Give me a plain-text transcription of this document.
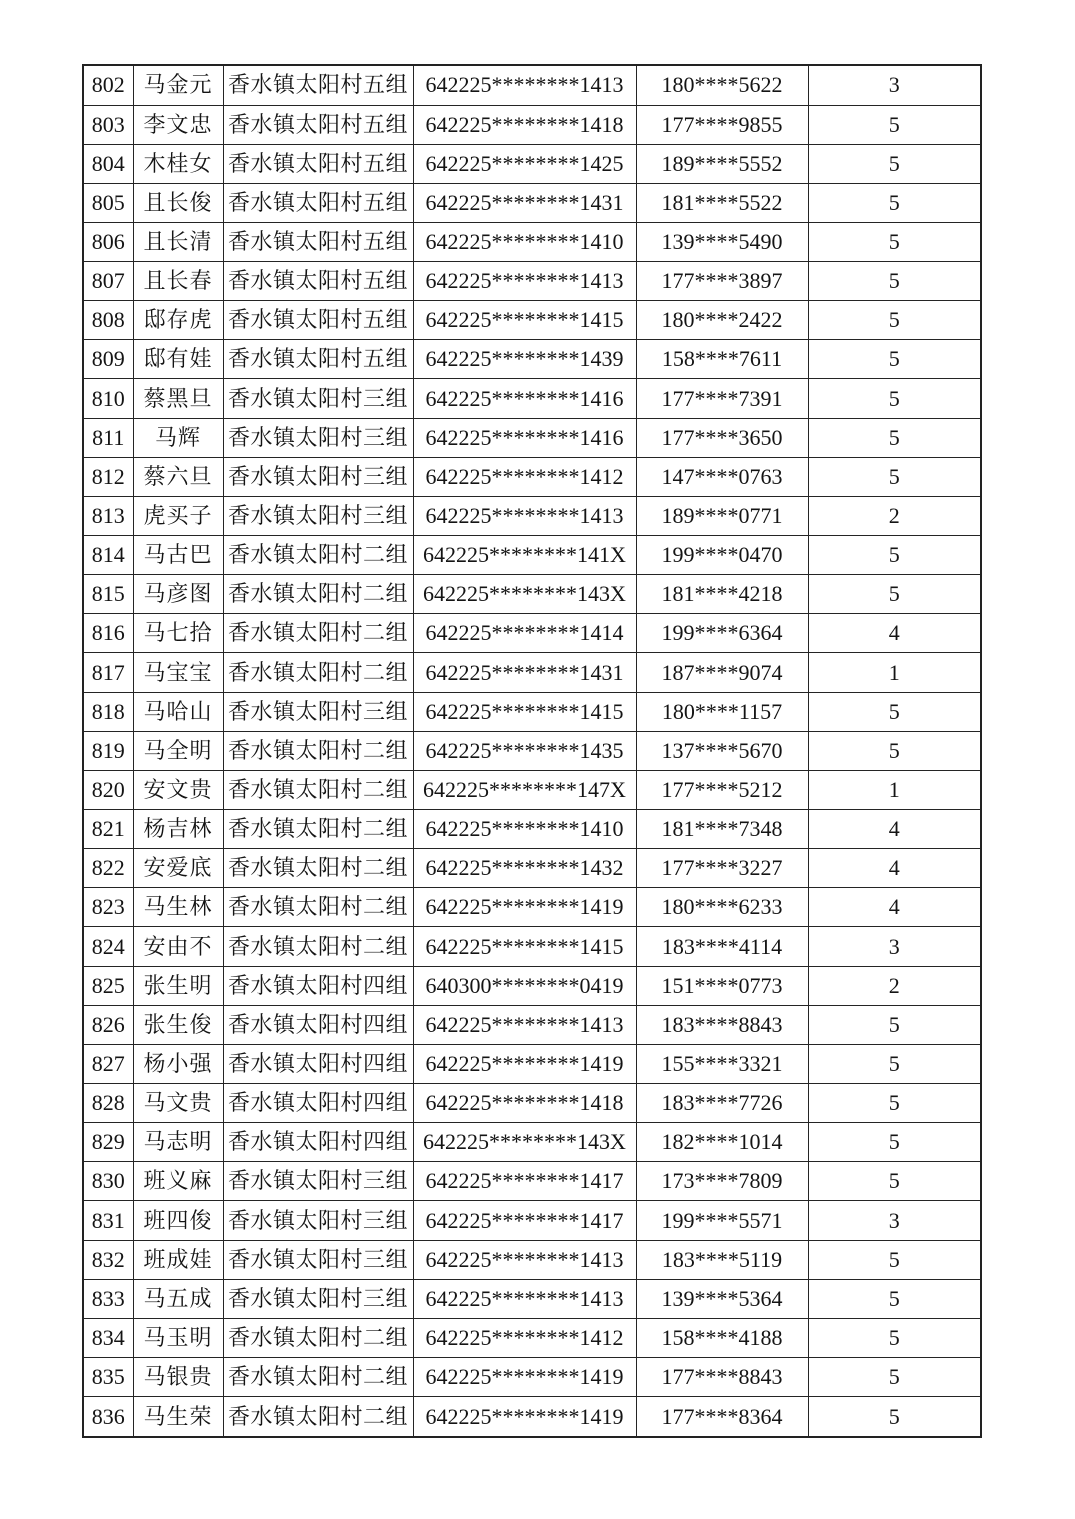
802	马金元	香水镇太阳村五组	642225********1413	180****5622	3
803	李文忠	香水镇太阳村五组	642225********1418	177****9855	5
804	木桂女	香水镇太阳村五组	642225********1425	189****5552	5
805	且长俊	香水镇太阳村五组	642225********1431	181****5522	5
806	且长清	香水镇太阳村五组	642225********1410	139****5490	5
807	且长春	香水镇太阳村五组	642225********1413	177****3897	5
808	邸存虎	香水镇太阳村五组	642225********1415	180****2422	5
809	邸有娃	香水镇太阳村五组	642225********1439	158****7611	5
810	蔡黑旦	香水镇太阳村三组	642225********1416	177****7391	5
811	马辉	香水镇太阳村三组	642225********1416	177****3650	5
812	蔡六旦	香水镇太阳村三组	642225********1412	147****0763	5
813	虎买子	香水镇太阳村三组	642225********1413	189****0771	2
814	马古巴	香水镇太阳村二组	642225********141X	199****0470	5
815	马彦图	香水镇太阳村二组	642225********143X	181****4218	5
816	马七拾	香水镇太阳村二组	642225********1414	199****6364	4
817	马宝宝	香水镇太阳村二组	642225********1431	187****9074	1
818	马哈山	香水镇太阳村三组	642225********1415	180****1157	5
819	马全明	香水镇太阳村二组	642225********1435	137****5670	5
820	安文贵	香水镇太阳村二组	642225********147X	177****5212	1
821	杨吉林	香水镇太阳村二组	642225********1410	181****7348	4
822	安爱底	香水镇太阳村二组	642225********1432	177****3227	4
823	马生林	香水镇太阳村二组	642225********1419	180****6233	4
824	安由不	香水镇太阳村二组	642225********1415	183****4114	3
825	张生明	香水镇太阳村四组	640300********0419	151****0773	2
826	张生俊	香水镇太阳村四组	642225********1413	183****8843	5
827	杨小强	香水镇太阳村四组	642225********1419	155****3321	5
828	马文贵	香水镇太阳村四组	642225********1418	183****7726	5
829	马志明	香水镇太阳村四组	642225********143X	182****1014	5
830	班义麻	香水镇太阳村三组	642225********1417	173****7809	5
831	班四俊	香水镇太阳村三组	642225********1417	199****5571	3
832	班成娃	香水镇太阳村三组	642225********1413	183****5119	5
833	马五成	香水镇太阳村三组	642225********1413	139****5364	5
834	马玉明	香水镇太阳村二组	642225********1412	158****4188	5
835	马银贵	香水镇太阳村二组	642225********1419	177****8843	5
836	马生荣	香水镇太阳村二组	642225********1419	177****8364	5
